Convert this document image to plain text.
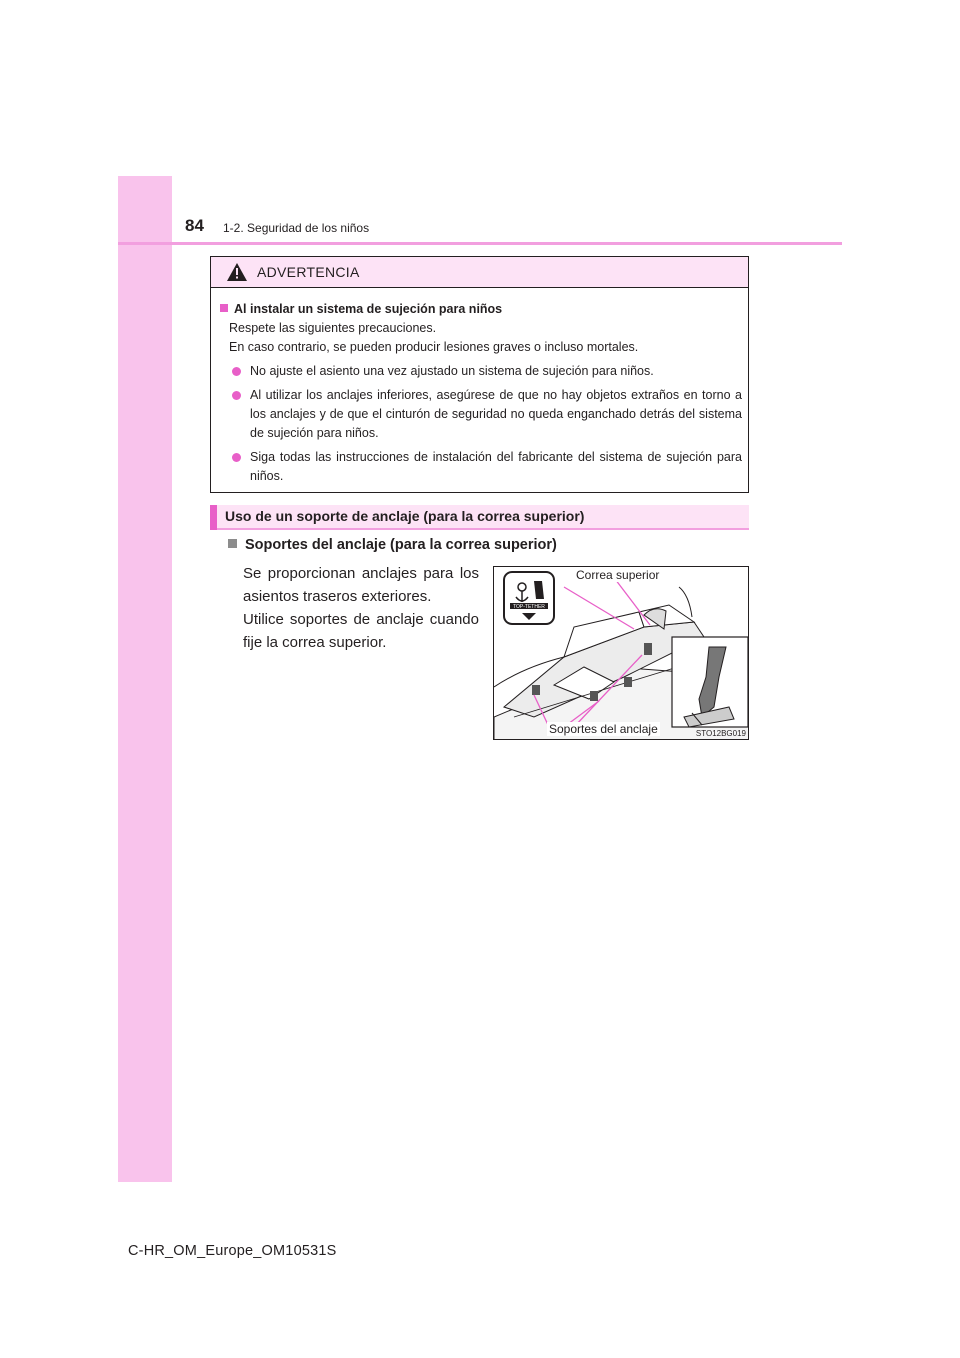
84 1-2. Seguridad de los niños
ADVERTENCIA
Al instalar un sistema de sujeción para niños
Respete las siguientes precauciones.
En caso contrario, se pueden producir lesiones graves o incluso mortales.
No ajuste el asiento una vez ajustado un sistema de sujeción para niños.
Al utilizar los anclajes inferiores, asegúrese de que no hay objetos extraños en torno a los anclajes y de que el cinturón de seguridad no queda enganchado detrás del sistema de sujeción para niños.
Siga todas las instrucciones de instalación del fabricante del sistema de sujeción para niños.
Uso de un soporte de anclaje (para la correa superior)
Soportes del anclaje (para la correa superior)
Se proporcionan anclajes para los asientos traseros exteriores.
Utilice soportes de anclaje cuando fije la correa superior.
TOP-TETHER
Correa superior
Soportes del anclaje	STO12BG019
C-HR_OM_Europe_OM10531S
